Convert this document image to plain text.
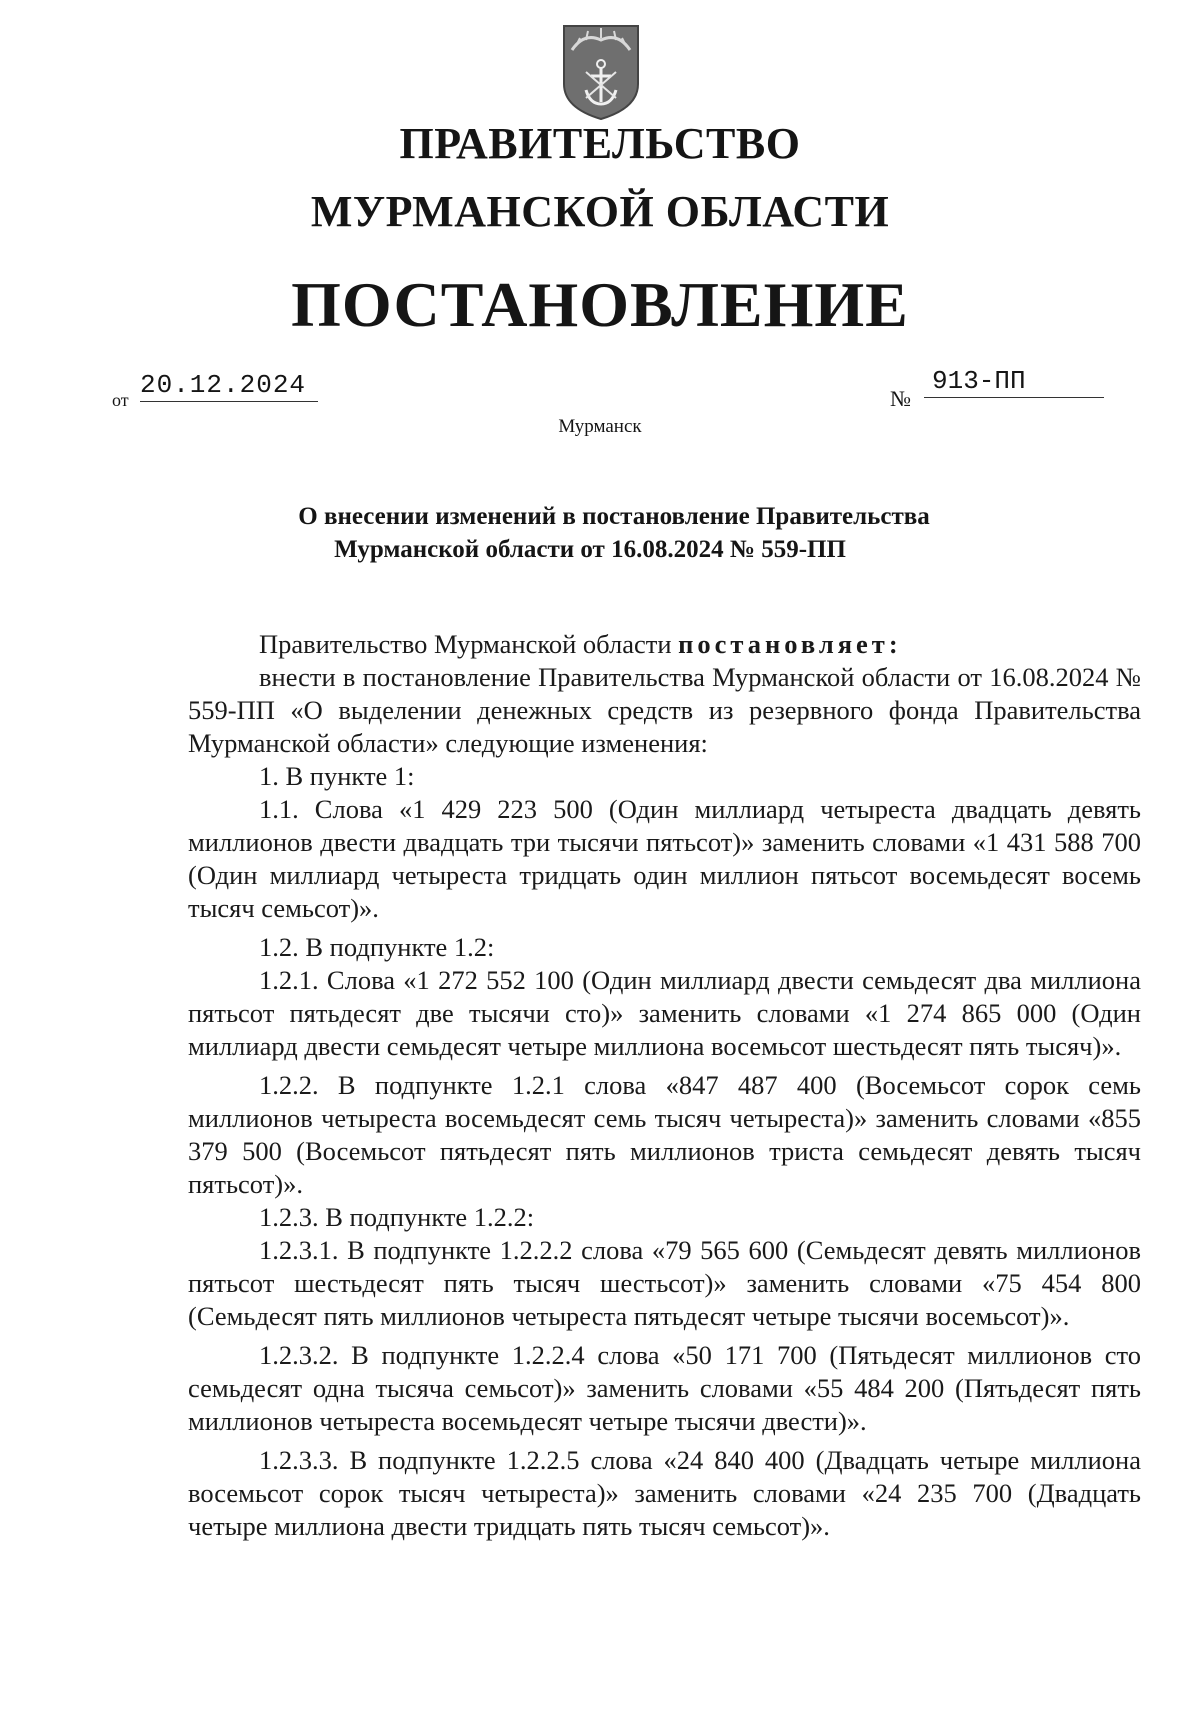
ПРАВИТЕЛЬСТВО
МУРМАНСКОЙ ОБЛАСТИ
ПОСТАНОВЛЕНИЕ
от 20.12.2024	№
913-ПП
Мурманск
О внесении изменений в постановление Правительства
Мурманской области от 16.08.2024 № 559-ПП

Правительство Мурманской области постановляет:

внести в постановление Правительства Мурманской области от 16.08.2024 № 559-ПП «О выделении денежных средств из резервного фонда Правительства Мурманской области» следующие изменения:

1. В пункте 1:

1.1. Слова «1 429 223 500 (Один миллиард четыреста двадцать девять миллионов двести двадцать три тысячи пятьсот)» заменить словами «1 431 588 700 (Один миллиард четыреста тридцать один миллион пятьсот восемьдесят восемь тысяч семьсот)».

1.2. В подпункте 1.2:

1.2.1. Слова «1 272 552 100 (Один миллиард двести семьдесят два миллиона пятьсот пятьдесят две тысячи сто)» заменить словами «1 274 865 000 (Один миллиард двести семьдесят четыре миллиона восемьсот шестьдесят пять тысяч)».

1.2.2. В подпункте 1.2.1 слова «847 487 400 (Восемьсот сорок семь миллионов четыреста восемьдесят семь тысяч четыреста)» заменить словами «855 379 500 (Восемьсот пятьдесят пять миллионов триста семьдесят девять тысяч пятьсот)».

1.2.3. В подпункте 1.2.2:

1.2.3.1. В подпункте 1.2.2.2 слова «79 565 600 (Семьдесят девять миллионов пятьсот шестьдесят пять тысяч шестьсот)» заменить словами «75 454 800 (Семьдесят пять миллионов четыреста пятьдесят четыре тысячи восемьсот)».

1.2.3.2. В подпункте 1.2.2.4 слова «50 171 700 (Пятьдесят миллионов сто семьдесят одна тысяча семьсот)» заменить словами «55 484 200 (Пятьдесят пять миллионов четыреста восемьдесят четыре тысячи двести)».

1.2.3.3. В подпункте 1.2.2.5 слова «24 840 400 (Двадцать четыре миллиона восемьсот сорок тысяч четыреста)» заменить словами «24 235 700 (Двадцать четыре миллиона двести тридцать пять тысяч семьсот)».
